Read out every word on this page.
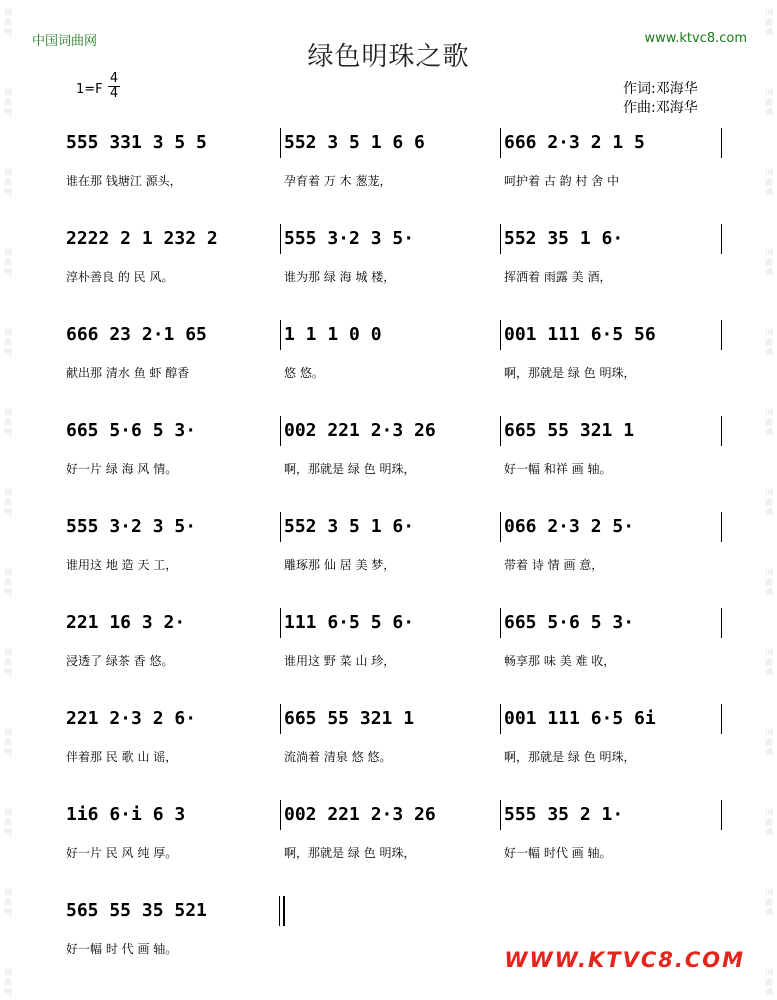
词
曲
网
词
曲
网
词
曲
网
词
曲
网
词
曲
网
词
曲
网
词
曲
网
词
曲
网
词
曲
网
词
曲
网
词
曲
网
词
曲
网
词
曲
网
词
曲
网
词
曲
网
词
曲
网
词
曲
网
词
曲
网
词
曲
网
词
曲
网
词
曲
网
词
曲
网
词
曲
网
词
曲
网
词
曲
网
词
曲
网
中国词曲网	www.ktvc8.com
绿色明珠之歌
1=F
4
4	作词:邓海华
作曲:邓海华
555 331 3 5 5
谁在那 钱塘江 源头，
552 3 5 1 6 6
孕育着 万 木 葱茏，
666 2·3 2 1 5
呵护着 古 韵 村 舍 中
2222 2 1 232 2
淳朴善良 的 民 风。
555 3·2 3 5·
谁为那 绿 海 城 楼，
552 35 1 6·
挥洒着 雨露 美 酒，
666 23 2·1 65
献出那 清水 鱼 虾 醇香
1 1 1 0 0
悠 悠。
001 111 6·5 56
啊，那就是 绿 色 明珠，
665 5·6 5 3·
好一片 绿 海 风 情。
002 221 2·3 26
啊，那就是 绿 色 明珠，
665 55 321 1
好一幅 和祥 画 轴。
555 3·2 3 5·
谁用这 地 造 天 工，
552 3 5 1 6·
雕琢那 仙 居 美 梦，
066 2·3 2 5·
带着 诗 情 画 意，
221 16 3 2·
浸透了 绿茶 香 悠。
111 6·5 5 6·
谁用这 野 菜 山 珍，
665 5·6 5 3·
畅享那 味 美 难 收，
221 2·3 2 6·
伴着那 民 歌 山 谣，
665 55 321 1
流淌着 清泉 悠 悠。
001 111 6·5 6i
啊，那就是 绿 色 明珠，
1i6 6·i 6 3
好一片 民 风 纯 厚。
002 221 2·3 26
啊，那就是 绿 色 明珠，
555 35 2 1·
好一幅 时代 画 轴。
565 55 35 521
好一幅 时 代 画 轴。	WWW.KTVC8.COM
